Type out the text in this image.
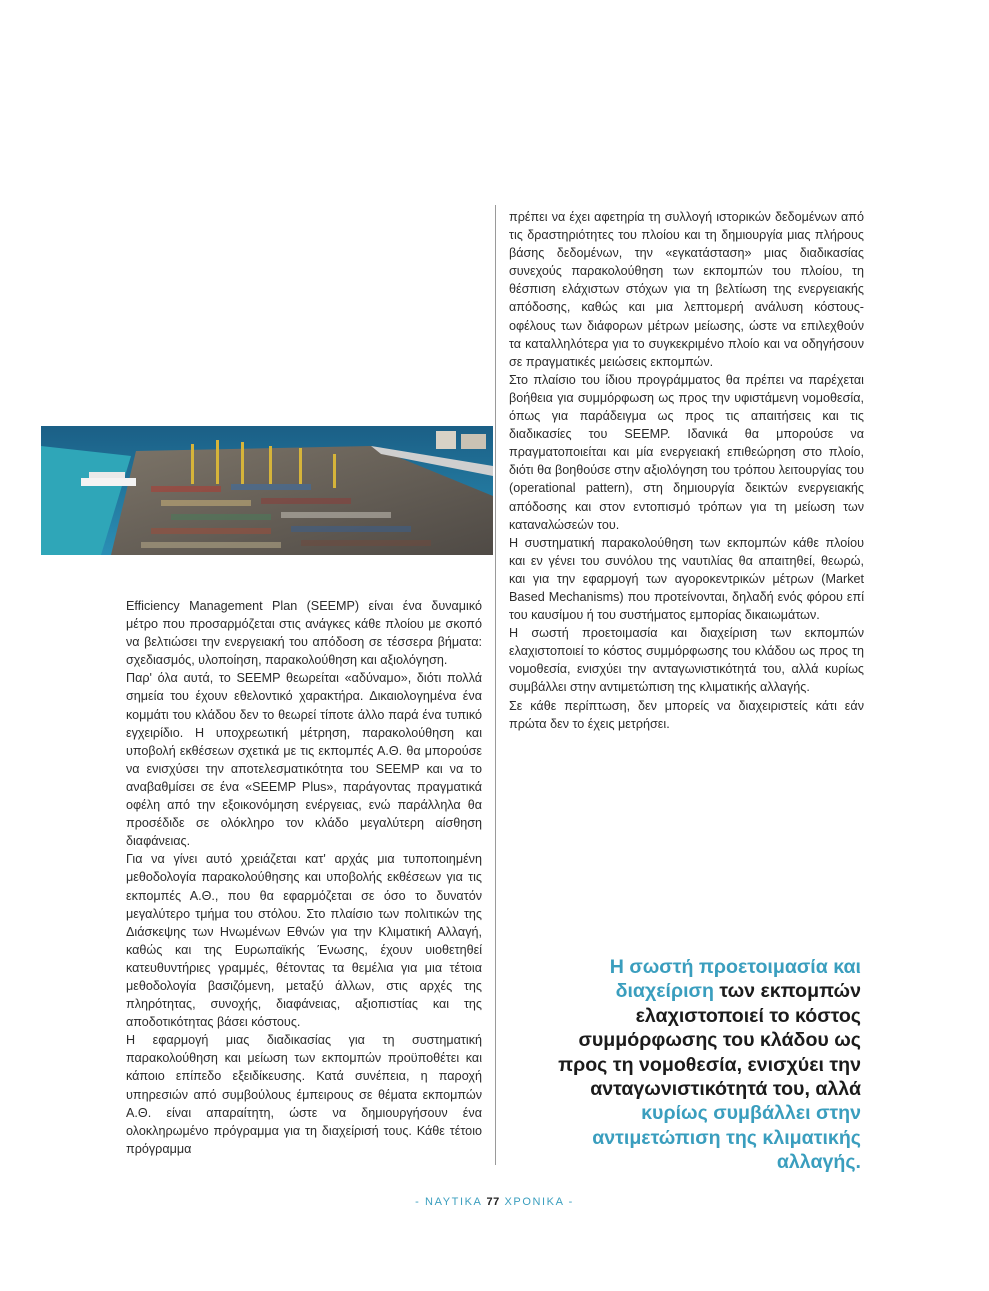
Efficiency Management Plan (SEEMP) είναι ένα δυναμικό μέτρο που προσαρμόζεται στις ανάγκες κάθε πλοίου με σκοπό να βελτιώσει την ενεργειακή του απόδοση σε τέσσερα βήματα: σχεδιασμός, υλοποίηση, παρακολούθηση και αξιολόγηση.

Παρ' όλα αυτά, το SEEMP θεωρείται «αδύναμο», διότι πολλά σημεία του έχουν εθελοντικό χαρακτήρα. Δικαιολογημένα ένα κομμάτι του κλάδου δεν το θεωρεί τίποτε άλλο παρά ένα τυπικό εγχειρίδιο. Η υποχρεωτική μέτρηση, παρακολούθηση και υποβολή εκθέσεων σχετικά με τις εκπομπές Α.Θ. θα μπορούσε να ενισχύσει την αποτελεσματικότητα του SEEMP και να το αναβαθμίσει σε ένα «SEEMP Plus», παράγοντας πραγματικά οφέλη από την εξοικονόμηση ενέργειας, ενώ παράλληλα θα προσέδιδε σε ολόκληρο τον κλάδο μεγαλύτερη αίσθηση διαφάνειας.

Για να γίνει αυτό χρειάζεται κατ' αρχάς μια τυποποιημένη μεθοδολογία παρακολούθησης και υποβολής εκθέσεων για τις εκπομπές Α.Θ., που θα εφαρμόζεται σε όσο το δυνατόν μεγαλύτερο τμήμα του στόλου. Στο πλαίσιο των πολιτικών της Διάσκεψης των Ηνωμένων Εθνών για την Κλιματική Αλλαγή, καθώς και της Ευρωπαϊκής Ένωσης, έχουν υιοθετηθεί κατευθυντήριες γραμμές, θέτοντας τα θεμέλια για μια τέτοια μεθοδολογία βασιζόμενη, μεταξύ άλλων, στις αρχές της πληρότητας, συνοχής, διαφάνειας, αξιοπιστίας και της αποδοτικότητας βάσει κόστους.

Η εφαρμογή μιας διαδικασίας για τη συστηματική παρακολούθηση και μείωση των εκπομπών προϋποθέτει και κάποιο επίπεδο εξειδίκευσης. Κατά συνέπεια, η παροχή υπηρεσιών από συμβούλους έμπειρους σε θέματα εκπομπών Α.Θ. είναι απαραίτητη, ώστε να δημιουργήσουν ένα ολοκληρωμένο πρόγραμμα για τη διαχείρισή τους. Κάθε τέτοιο πρόγραμμα

πρέπει να έχει αφετηρία τη συλλογή ιστορικών δεδομένων από τις δραστηριότητες του πλοίου και τη δημιουργία μιας πλήρους βάσης δεδομένων, την «εγκατάσταση» μιας διαδικασίας συνεχούς παρακολούθηση των εκπομπών του πλοίου, τη θέσπιση ελάχιστων στόχων για τη βελτίωση της ενεργειακής απόδοσης, καθώς και μια λεπτομερή ανάλυση κόστους-οφέλους των διάφορων μέτρων μείωσης, ώστε να επιλεχθούν τα καταλληλότερα για το συγκεκριμένο πλοίο και να οδηγήσουν σε πραγματικές μειώσεις εκπομπών.

Στο πλαίσιο του ίδιου προγράμματος θα πρέπει να παρέχεται βοήθεια για συμμόρφωση ως προς την υφιστάμενη νομοθεσία, όπως για παράδειγμα ως προς τις απαιτήσεις και τις διαδικασίες του SEEMP. Ιδανικά θα μπορούσε να πραγματοποιείται και μία ενεργειακή επιθεώρηση στο πλοίο, διότι θα βοηθούσε στην αξιολόγηση του τρόπου λειτουργίας του (operational pattern), στη δημιουργία δεικτών ενεργειακής απόδοσης και στον εντοπισμό τρόπων για τη μείωση των καταναλώσεών του.

Η συστηματική παρακολούθηση των εκπομπών κάθε πλοίου και εν γένει του συνόλου της ναυτιλίας θα απαιτηθεί, θεωρώ, και για την εφαρμογή των αγοροκεντρικών μέτρων (Market Based Mechanisms) που προτείνονται, δηλαδή ενός φόρου επί του καυσίμου ή του συστήματος εμπορίας δικαιωμάτων.

Η σωστή προετοιμασία και διαχείριση των εκπομπών ελαχιστοποιεί το κόστος συμμόρφωσης του κλάδου ως προς τη νομοθεσία, ενισχύει την ανταγωνιστικότητά του, αλλά κυρίως συμβάλλει στην αντιμετώπιση της κλιματικής αλλαγής.

Σε κάθε περίπτωση, δεν μπορείς να διαχειριστείς κάτι εάν πρώτα δεν το έχεις μετρήσει.

Η σωστή προετοιμασία και διαχείριση των εκπομπών ελαχιστοποιεί το κόστος συμμόρφωσης του κλάδου ως προς τη νομοθεσία, ενισχύει την ανταγωνιστικότητά του, αλλά κυρίως συμβάλλει στην αντιμετώπιση της κλιματικής αλλαγής.
- ΝΑΥΤΙΚΑ 77 ΧΡΟΝΙΚΑ -
